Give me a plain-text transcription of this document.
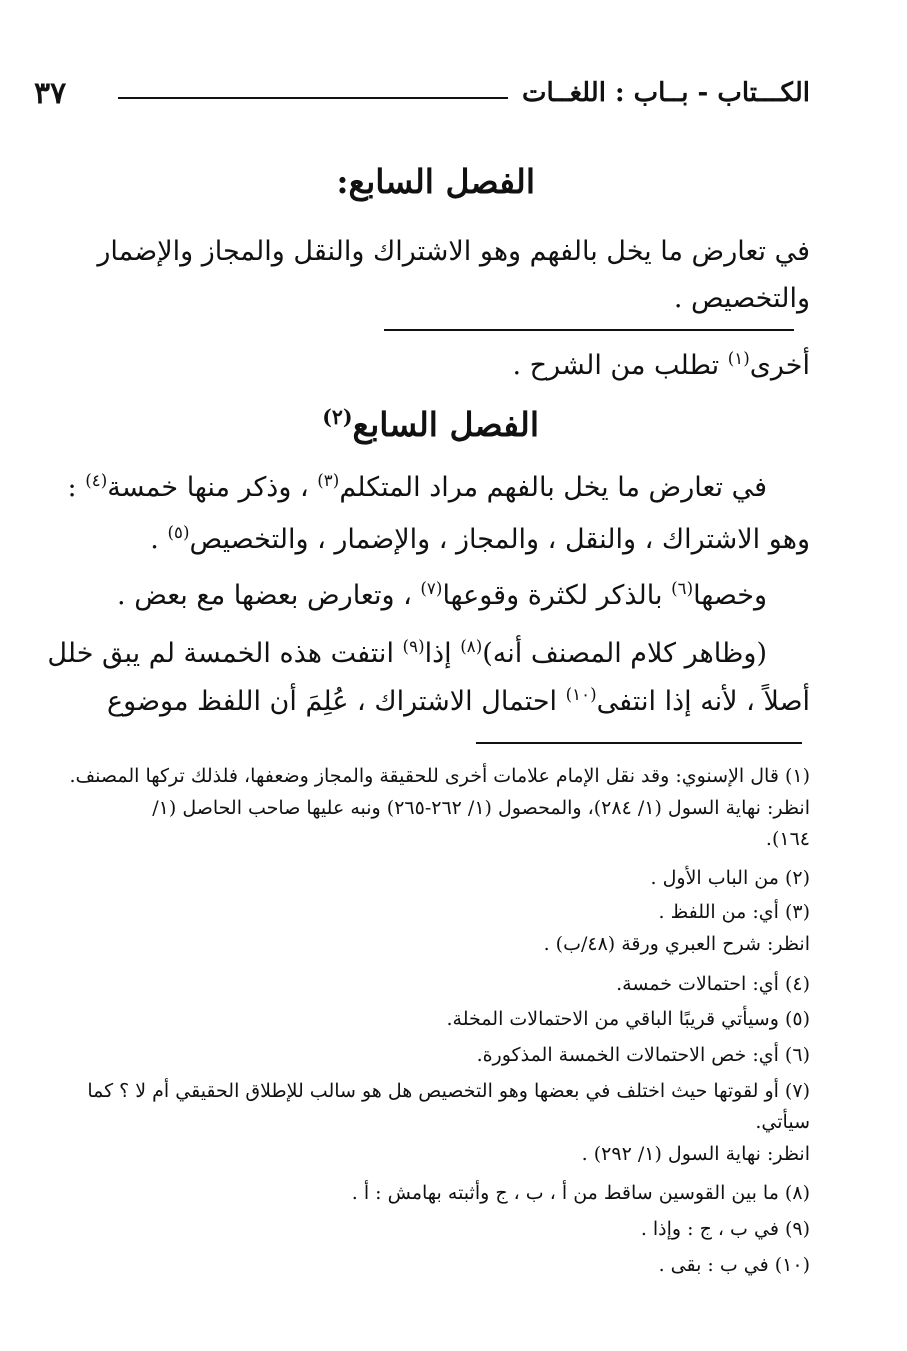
الكـــتاب - بــاب : اللغــات
٣٧
الفصل السابع:
في تعارض ما يخل بالفهم وهو الاشتراك والنقل والمجاز والإضمار
والتخصيص .
أخرى$^{(١)}$ تطلب من الشرح .
الفصل السابع$^{(٢)}$
في تعارض ما يخل بالفهم مراد المتكلم$^{(٣)}$ ، وذكر منها خمسة$^{(٤)}$ :
وهو الاشتراك ، والنقل ، والمجاز ، والإضمار ، والتخصيص$^{(٥)}$ .
وخصها$^{(٦)}$ بالذكر لكثرة وقوعها$^{(٧)}$ ، وتعارض بعضها مع بعض .
(وظاهر كلام المصنف أنه)$^{(٨)}$ إذا$^{(٩)}$ انتفت هذه الخمسة لم يبق خلل
أصلاً ، لأنه إذا انتفى$^{(١٠)}$ احتمال الاشتراك ، عُلِمَ أن اللفظ موضوع
(١) قال الإسنوي: وقد نقل الإمام علامات أخرى للحقيقة والمجاز وضعفها، فلذلك تركها المصنف.
انظر: نهاية السول (١/ ٢٨٤)، والمحصول (١/ ٢٦٢-٢٦٥) ونبه عليها صاحب الحاصل (١/
١٦٤).
(٢) من الباب الأول .
(٣) أي: من اللفظ .
انظر: شرح العبري ورقة (٤٨/ب) .
(٤) أي: احتمالات خمسة.
(٥) وسيأتي قريبًا الباقي من الاحتمالات المخلة.
(٦) أي: خص الاحتمالات الخمسة المذكورة.
(٧) أو لقوتها حيث اختلف في بعضها وهو التخصيص هل هو سالب للإطلاق الحقيقي أم لا ؟ كما
سيأتي.
انظر: نهاية السول (١/ ٢٩٢) .
(٨) ما بين القوسين ساقط من أ ، ب ، ج وأثبته بهامش : أ .
(٩) في ب ، ج : وإذا .
(١٠) في ب : بقى .
